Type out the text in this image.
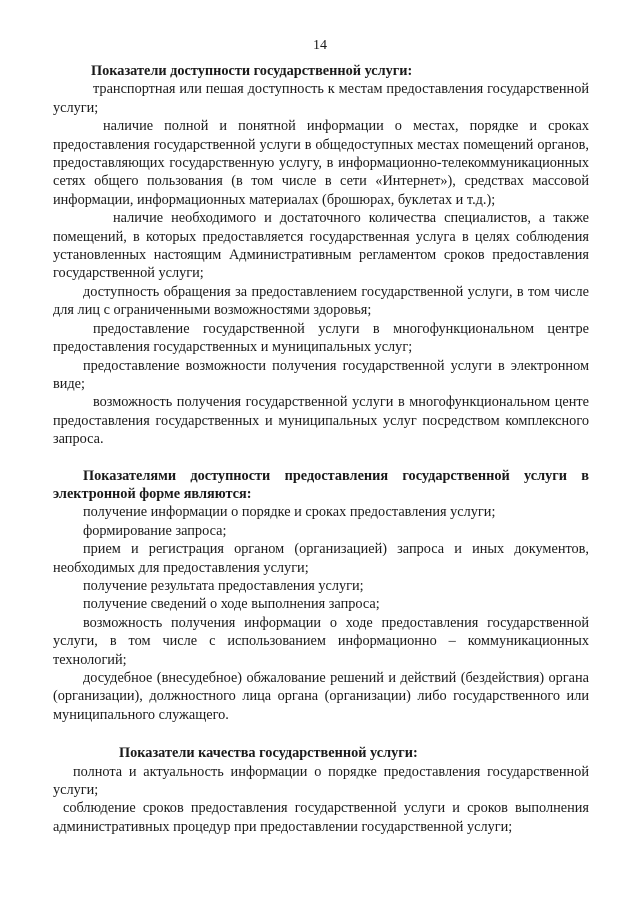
14

Показатели доступности государственной услуги:

транспортная или пешая доступность к местам предоставления государственной услуги;

наличие полной и понятной информации о местах, порядке и сроках предоставления государственной услуги в общедоступных местах помещений органов, предоставляющих государственную услугу, в информационно-телекоммуникационных сетях общего пользования (в том числе в сети «Интернет»), средствах массовой информации, информационных материалах (брошюрах, буклетах и т.д.);

наличие необходимого и достаточного количества специалистов, а также помещений, в которых предоставляется государственная услуга в целях соблюдения установленных настоящим Административным регламентом сроков предоставления государственной услуги;

доступность обращения за предоставлением государственной услуги, в том числе для лиц с ограниченными возможностями здоровья;

предоставление государственной услуги в многофункциональном центре предоставления государственных и муниципальных услуг;

предоставление возможности получения государственной услуги в электронном виде;

возможность получения государственной услуги в многофункциональном центе предоставления государственных и муниципальных услуг посредством комплексного запроса.

Показателями доступности предоставления государственной услуги в электронной форме являются:

получение информации о порядке и сроках предоставления услуги;

формирование запроса;

прием и регистрация органом (организацией) запроса и иных документов, необходимых для предоставления услуги;

получение результата предоставления услуги;

получение сведений о ходе выполнения запроса;

возможность получения информации о ходе предоставления государственной услуги, в том числе с использованием информационно – коммуникационных технологий;

досудебное (внесудебное) обжалование решений и действий (бездействия) органа (организации), должностного лица органа (организации) либо государственного или муниципального служащего.

Показатели качества государственной услуги:

полнота и актуальность информации о порядке предоставления государственной услуги;

соблюдение сроков предоставления государственной услуги и сроков выполнения административных процедур при предоставлении государственной услуги;
